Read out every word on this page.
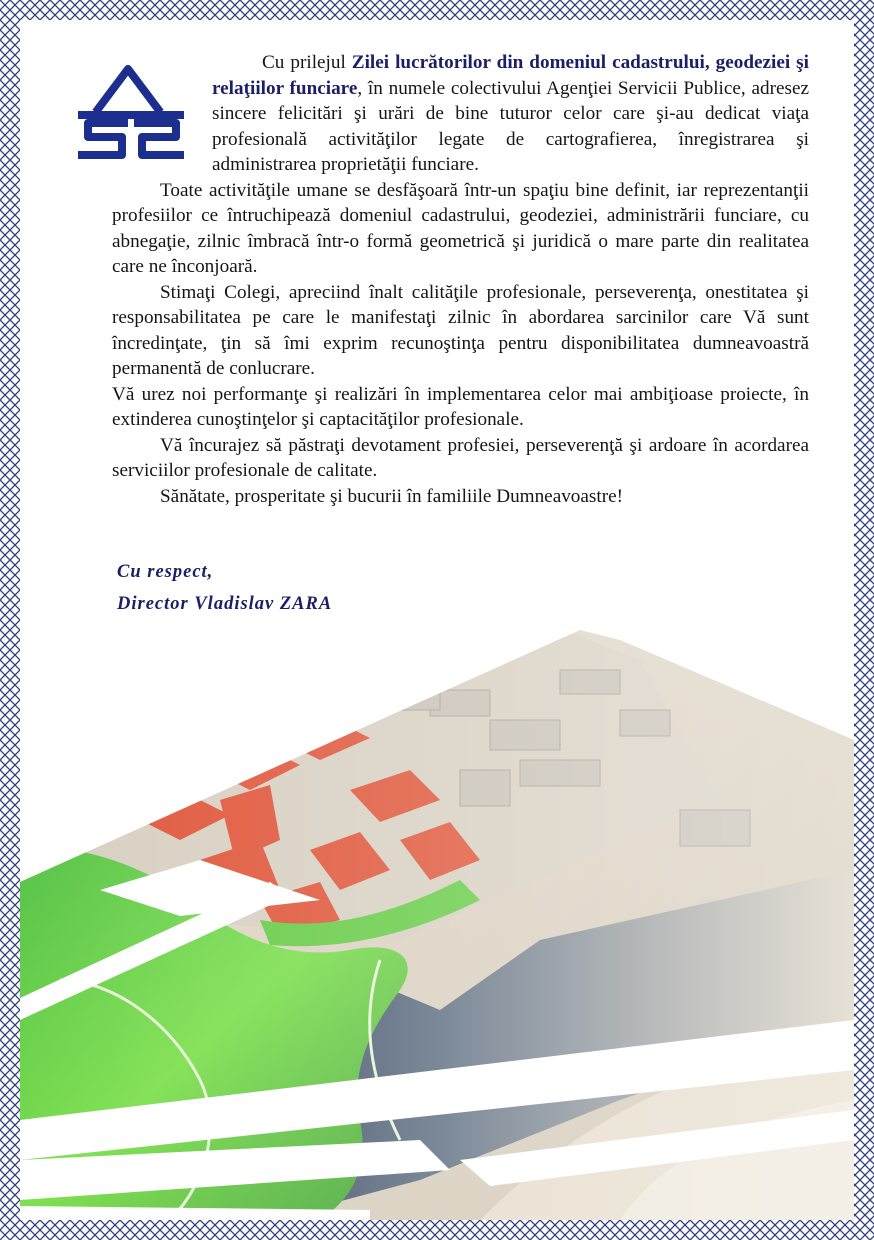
Cu prilejul Zilei lucrătorilor din domeniul cadastrului, geodeziei şi relaţiilor funciare, în numele colectivului Agenţiei Servicii Publice, adresez sincere felicitări şi urări de bine tuturor celor care şi-au dedicat viaţa profesională activităţilor legate de cartografierea, înregistrarea şi administrarea proprietăţii funciare.

Toate activităţile umane se desfăşoară într-un spaţiu bine definit, iar reprezentanţii profesiilor ce întruchipează domeniul cadastrului, geodeziei, administrării funciare, cu abnegaţie, zilnic îmbracă într-o formă geometrică şi juridică o mare parte din realitatea care ne înconjoară.

Stimaţi Colegi, apreciind înalt calităţile profesionale, perseverenţa, onestitatea şi responsabilitatea pe care le manifestaţi zilnic în abordarea sarcinilor care Vă sunt încredinţate, ţin să îmi exprim recunoştinţa pentru disponibilitatea dumneavoastră permanentă de conlucrare.

Vă urez noi performanţe şi realizări în implementarea celor mai ambiţioase proiecte, în extinderea cunoştinţelor şi captacităţilor profesionale.

Vă încurajez să păstraţi devotament profesiei, perseverenţă şi ardoare în acordarea serviciilor profesionale de calitate.

Sănătate, prosperitate şi bucurii în familiile Dumneavoastre!

Cu respect,
Director Vladislav ZARA
